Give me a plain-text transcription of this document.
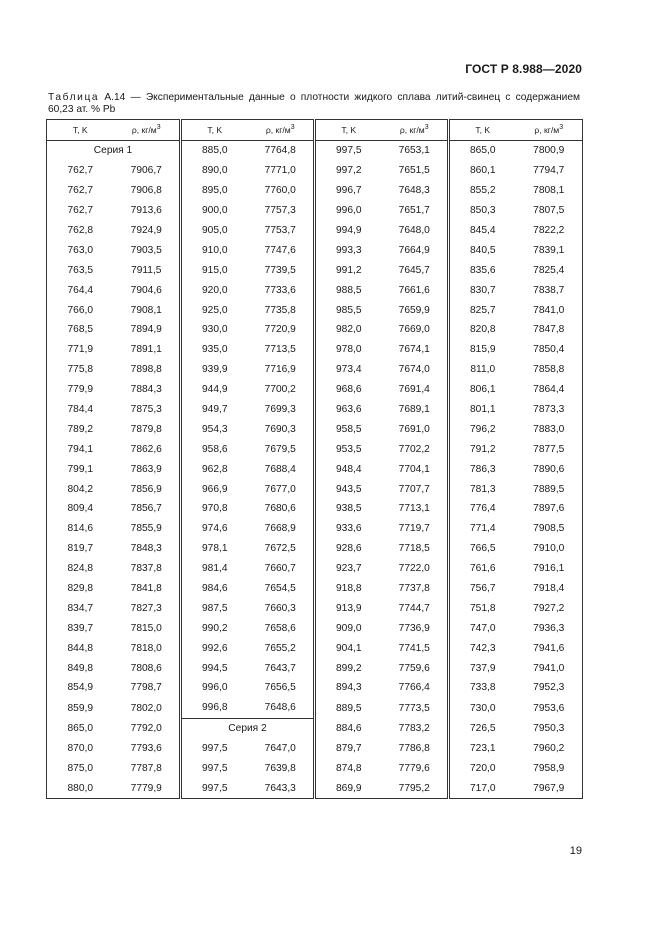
ГОСТ Р 8.988—2020
Таблица А.14 — Экспериментальные данные о плотности жидкого сплава литий-свинец с содержанием 60,23 ат. % Pb
T, K	ρ, $кг/м^3$	T, K	ρ, $кг/м^3$	T, K	ρ, $кг/м^3$	T, K	ρ, $кг/м^3$
Серия 1		885,0	7764,8	997,5	7653,1	865,0	7800,9
762,7	7906,7	890,0	7771,0	997,2	7651,5	860,1	7794,7
762,7	7906,8	895,0	7760,0	996,7	7648,3	855,2	7808,1
762,7	7913,6	900,0	7757,3	996,0	7651,7	850,3	7807,5
762,8	7924,9	905,0	7753,7	994,9	7648,0	845,4	7822,2
763,0	7903,5	910,0	7747,6	993,3	7664,9	840,5	7839,1
763,5	7911,5	915,0	7739,5	991,2	7645,7	835,6	7825,4
764,4	7904,6	920,0	7733,6	988,5	7661,6	830,7	7838,7
766,0	7908,1	925,0	7735,8	985,5	7659,9	825,7	7841,0
768,5	7894,9	930,0	7720,9	982,0	7669,0	820,8	7847,8
771,9	7891,1	935,0	7713,5	978,0	7674,1	815,9	7850,4
775,8	7898,8	939,9	7716,9	973,4	7674,0	811,0	7858,8
779,9	7884,3	944,9	7700,2	968,6	7691,4	806,1	7864,4
784,4	7875,3	949,7	7699,3	963,6	7689,1	801,1	7873,3
789,2	7879,8	954,3	7690,3	958,5	7691,0	796,2	7883,0
794,1	7862,6	958,6	7679,5	953,5	7702,2	791,2	7877,5
799,1	7863,9	962,8	7688,4	948,4	7704,1	786,3	7890,6
804,2	7856,9	966,9	7677,0	943,5	7707,7	781,3	7889,5
809,4	7856,7	970,8	7680,6	938,5	7713,1	776,4	7897,6
814,6	7855,9	974,6	7668,9	933,6	7719,7	771,4	7908,5
819,7	7848,3	978,1	7672,5	928,6	7718,5	766,5	7910,0
824,8	7837,8	981,4	7660,7	923,7	7722,0	761,6	7916,1
829,8	7841,8	984,6	7654,5	918,8	7737,8	756,7	7918,4
834,7	7827,3	987,5	7660,3	913,9	7744,7	751,8	7927,2
839,7	7815,0	990,2	7658,6	909,0	7736,9	747,0	7936,3
844,8	7818,0	992,6	7655,2	904,1	7741,5	742,3	7941,6
849,8	7808,6	994,5	7643,7	899,2	7759,6	737,9	7941,0
854,9	7798,7	996,0	7656,5	894,3	7766,4	733,8	7952,3
859,9	7802,0	996,8	7648,6	889,5	7773,5	730,0	7953,6
865,0	7792,0	Серия 2		884,6	7783,2	726,5	7950,3
870,0	7793,6	997,5	7647,0	879,7	7786,8	723,1	7960,2
875,0	7787,8	997,5	7639,8	874,8	7779,6	720,0	7958,9
880,0	7779,9	997,5	7643,3	869,9	7795,2	717,0	7967,9
19
